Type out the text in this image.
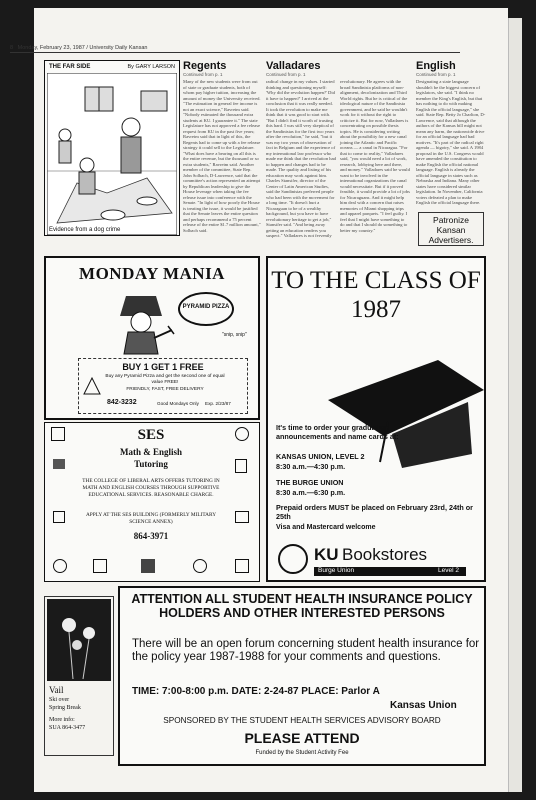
8 Monday, February 23, 1987 / University Daily Kansan
THE FAR SIDE	By GARY LARSON
Evidence from a dog crime
Regents
Continued from p. 1
Many of the new students were from out of state or graduate students, both of whom pay higher tuition, increasing the amount of money the University received. "The estimation in general fee income is not an exact science," Ravreim said. "Nobody estimated the thousand extra students at KU. I guarantee it." The state Legislature has not approved a fee release request from KU in the past five years; Ravreim said that in light of this, the Regents had to come up with a fee release strategy it could sell to the Legislature. "What does have a bearing on all this is the entire revenue, but the thousand or so extra students," Ravreim said. Another member of the committee, State Rep. John Solbach, D-Lawrence, said that the committee's action represented an attempt by Republican leadership to give the House leverage when taking the fee release issue into conference with the Senate. "In light of how poorly the House is treating the issue, it would be justified that the Senate leaves the entire question and perhaps recommend a 75 percent release of the entire $1.7 million amount," Solbach said.
Valladares
Continued from p. 1
radical change in my values. I started thinking and questioning myself: 'Why did the revolution happen?' Did it have to happen?' I arrived at the conclusion that it was really needed. It took the revolution to make me think that it was good to start with. "But I didn't find it worth of trusting this hard. I was still very skeptical of the Sandinistas for the first two years after the revolution," he said, "but it was my two years of observation of fact in Belgium and the experience of my international law professor who made me think that the revolution had to happen and changes had to be made. The quality and listing of his education may work against him. Charles Stansifer, director of the Center of Latin American Studies, said the Sandinistas preferred people who had been with the movement for a long time. "It doesn't hurt a Nicaraguan to be of a wealthy background, but you have to have revolutionary heritage to get a job," Stansifer said. "And being away getting an education renders you suspect." Valladares is not fervently revolutionary. He agrees with the broad Sandinista platforms of non-alignment, decolonization and Third World rights. But he is critical of the ideological nature of the Sandinista government, and he said he wouldn't work for it without the right to criticize it. But for now, Valladares is concentrating on possible thesis topics. He is considering writing about the possibility for a new canal joining the Atlantic and Pacific oceans — a canal in Nicaragua. "For that to come to reality," Valladares said, "you would need a lot of work, research, lobbying here and there, and money." Valladares said he would want to be involved in the international organizations the canal would necessitate. But if it proved feasible, it would provide a lot of jobs for Nicaraguans. And it might help him deal with a concern that raises memories of Miami shopping trips and apparel parquets. "I feel guilty. I feel that I might have something to do and that I should do something to better my country."
English
Continued from p. 1
Designating a state language shouldn't be the biggest concern of legislators, she said. "I think no member the King's English, but that has nothing to do with making English the official language," she said. State Rep. Betty Jo Charlton, D-Lawrence, said that although the authors of the Kansas bill might not mean any harm, the nationwide drive for an official language had bad motives. "It's part of the radical right agenda — bigotry," she said. A 1984 proposal in the U.S. Congress would have amended the constitution to make English the official national language. English is already the official language in states such as Nebraska and Indiana. Many other states have considered similar legislation. In November, California voters defeated a plan to make English the official language there.
Patronize Kansan Advertisers.
MONDAY MANIA
PYRAMID PIZZA
"snip, snip"
BUY 1 GET 1 FREE
Buy any Pyramid Pizza and get the second one of equal value FREE!
FRIENDLY, FAST, FREE DELIVERY
842-3232	Good Mondays Only Exp. 2/23/87
SES
Math & English
Tutoring
THE COLLEGE OF LIBERAL ARTS OFFERS TUTORING IN MATH AND ENGLISH COURSES THROUGH SUPPORTIVE EDUCATIONAL SERVICES. REASONABLE CHARGE.
APPLY AT THE SES BUILDING (FORMERLY MILITARY SCIENCE ANNEX)
864-3971
TO THE CLASS OF 1987
It's time to order your graduation announcements and name cards at:
KANSAS UNION, LEVEL 2
8:30 a.m.—4:30 p.m.
THE BURGE UNION
8:30 a.m.—6:30 p.m.
Prepaid orders MUST be placed on February 23rd, 24th or 25th
Visa and Mastercard welcome
KU Bookstores
Burge Union	Level 2
Vail
Ski over
Spring Break
More info:
SUA 864-3477
ATTENTION ALL STUDENT HEALTH INSURANCE POLICY HOLDERS AND OTHER INTERESTED PERSONS
There will be an open forum concerning student health insurance for the policy year 1987-1988 for your comments and questions.
TIME: 7:00-8:00 p.m. DATE: 2-24-87 PLACE: Parlor A
Kansas Union
SPONSORED BY THE STUDENT HEALTH SERVICES ADVISORY BOARD
PLEASE ATTEND
Funded by the Student Activity Fee
